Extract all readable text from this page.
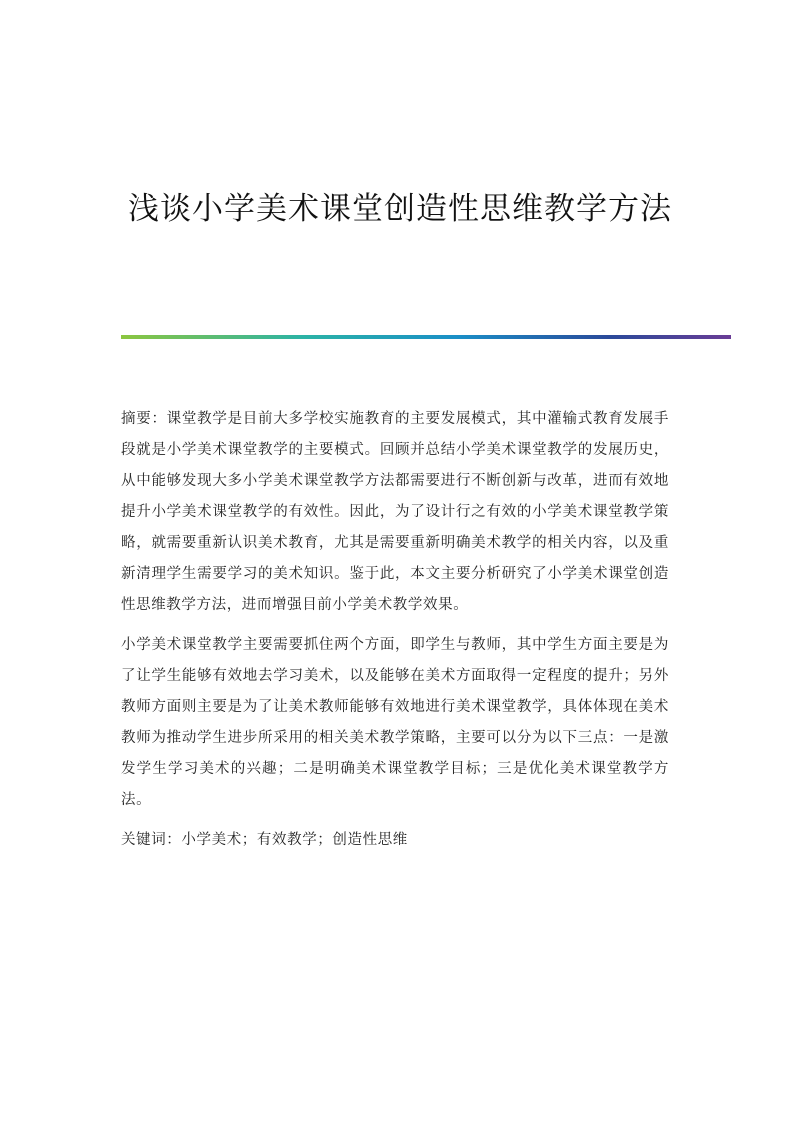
浅谈小学美术课堂创造性思维教学方法

摘要：课堂教学是目前大多学校实施教育的主要发展模式，其中灌输式教育发展手段就是小学美术课堂教学的主要模式。回顾并总结小学美术课堂教学的发展历史，从中能够发现大多小学美术课堂教学方法都需要进行不断创新与改革，进而有效地提升小学美术课堂教学的有效性。因此，为了设计行之有效的小学美术课堂教学策略，就需要重新认识美术教育，尤其是需要重新明确美术教学的相关内容，以及重新清理学生需要学习的美术知识。鉴于此，本文主要分析研究了小学美术课堂创造性思维教学方法，进而增强目前小学美术教学效果。

小学美术课堂教学主要需要抓住两个方面，即学生与教师，其中学生方面主要是为了让学生能够有效地去学习美术，以及能够在美术方面取得一定程度的提升；另外教师方面则主要是为了让美术教师能够有效地进行美术课堂教学，具体体现在美术教师为推动学生进步所采用的相关美术教学策略，主要可以分为以下三点：一是激发学生学习美术的兴趣；二是明确美术课堂教学目标；三是优化美术课堂教学方法。

关键词：小学美术；有效教学；创造性思维
